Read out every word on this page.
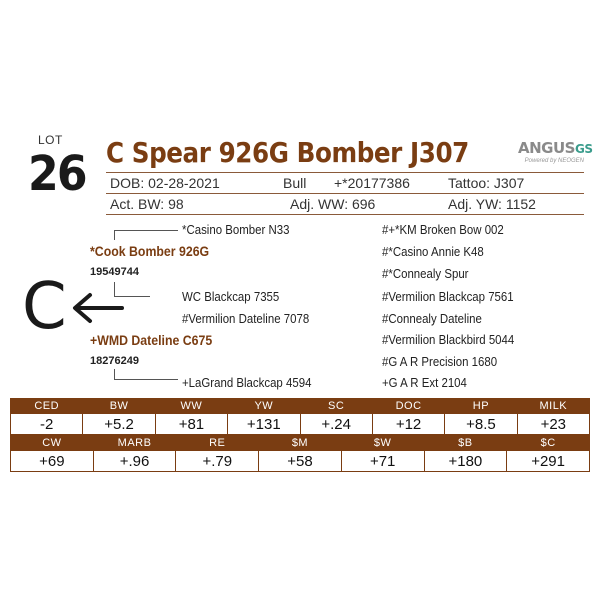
LOT
26 C Spear 926G Bomber J307	ANGUSGS
Powered by NEOGEN
DOB: 02-28-2021	Bull +*20177386	Tattoo: J307
Act. BW: 98	Adj. WW: 696	Adj. YW: 1152
*Casino Bomber N33
*Cook Bomber 926G
19549744
WC Blackcap 7355
#Vermilion Dateline 7078
+WMD Dateline C675
18276249
+LaGrand Blackcap 4594
C
#+*KM Broken Bow 002
#*Casino Annie K48
#*Connealy Spur
#Vermilion Blackcap 7561
#Connealy Dateline
#Vermilion Blackbird 5044
#G A R Precision 1680
+G A R Ext 2104
CED	BW	WW	YW	SC	DOC	HP	MILK
-2	+5.2	+81	+131	+.24	+12	+8.5	+23
CW	MARB	RE	$M	$W	$B	$C
+69	+.96	+.79	+58	+71	+180	+291
